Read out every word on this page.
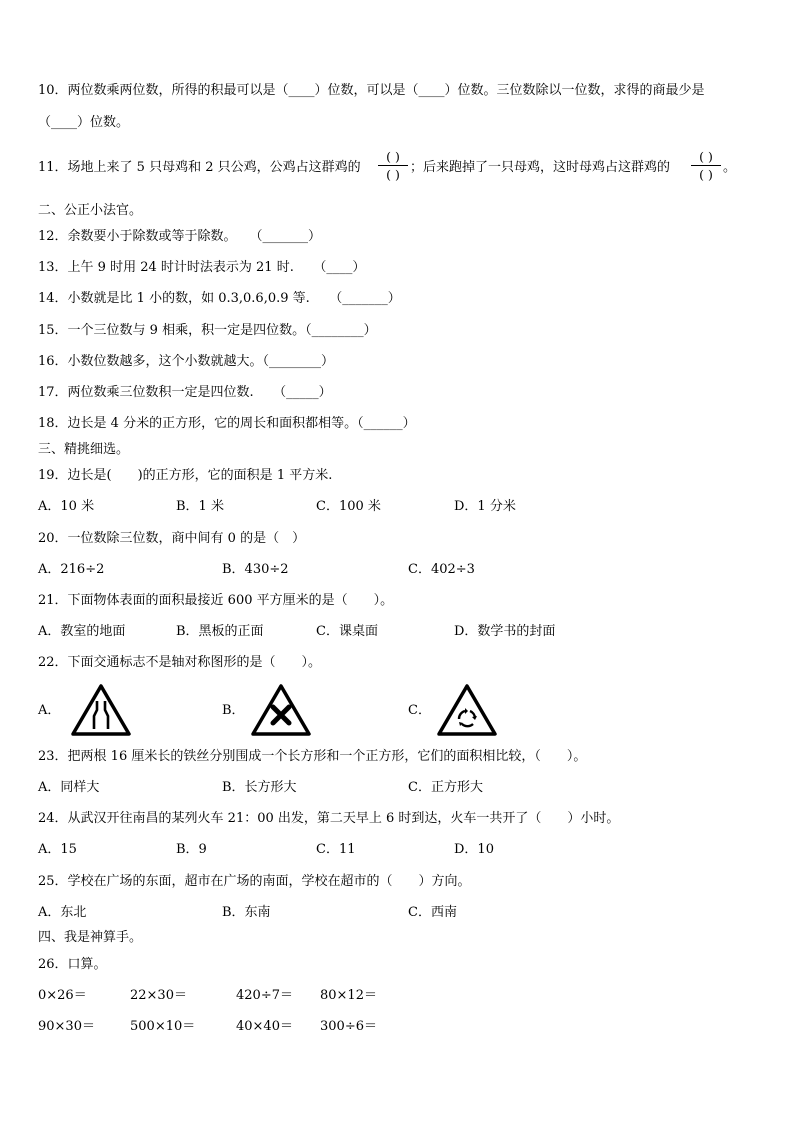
10．两位数乘两位数，所得的积最可以是（____）位数，可以是（____）位数。三位数除以一位数，求得的商最少是
（____）位数。
11．场地上来了 5 只母鸡和 2 只公鸡，公鸡占这群鸡的
( )
( ) ；后来跑掉了一只母鸡，这时母鸡占这群鸡的
( )
( ) 。
二、公正小法官。
12．余数要小于除数或等于除数。　　（_______）
13．上午 9 时用 24 时计时法表示为 21 时.　　（____）
14．小数就是比 1 小的数，如 0.3,0.6,0.9 等.　　（_______）
15．一个三位数与 9 相乘，积一定是四位数。（________）
16．小数位数越多，这个小数就越大。（________）
17．两位数乘三位数积一定是四位数.　　（_____）
18．边长是 4 分米的正方形，它的周长和面积都相等。（______）
三、精挑细选。
19．边长是(　　)的正方形，它的面积是 1 平方米.
A．10 米	B．1 米	C．100 米	D．1 分米
20．一位数除三位数，商中间有 0 的是（　）
A．216÷2	B．430÷2	C．402÷3
21．下面物体表面的面积最接近 600 平方厘米的是（　　）。
A．教室的地面	B．黑板的正面	C．课桌面	D．数学书的封面
22．下面交通标志不是轴对称图形的是（　　）。
A．	B．	C．
23．把两根 16 厘米长的铁丝分别围成一个长方形和一个正方形，它们的面积相比较，（　　）。
A．同样大	B．长方形大	C．正方形大
24．从武汉开往南昌的某列火车 21：00 出发，第二天早上 6 时到达，火车一共开了（　　）小时。
A．15	B．9	C．11	D．10
25．学校在广场的东面，超市在广场的南面，学校在超市的（　　）方向。
A．东北	B．东南	C．西南
四、我是神算手。
26．口算。
0×26＝	22×30＝	420÷7＝ 80×12＝
90×30＝	500×10＝	40×40＝ 300÷6＝
